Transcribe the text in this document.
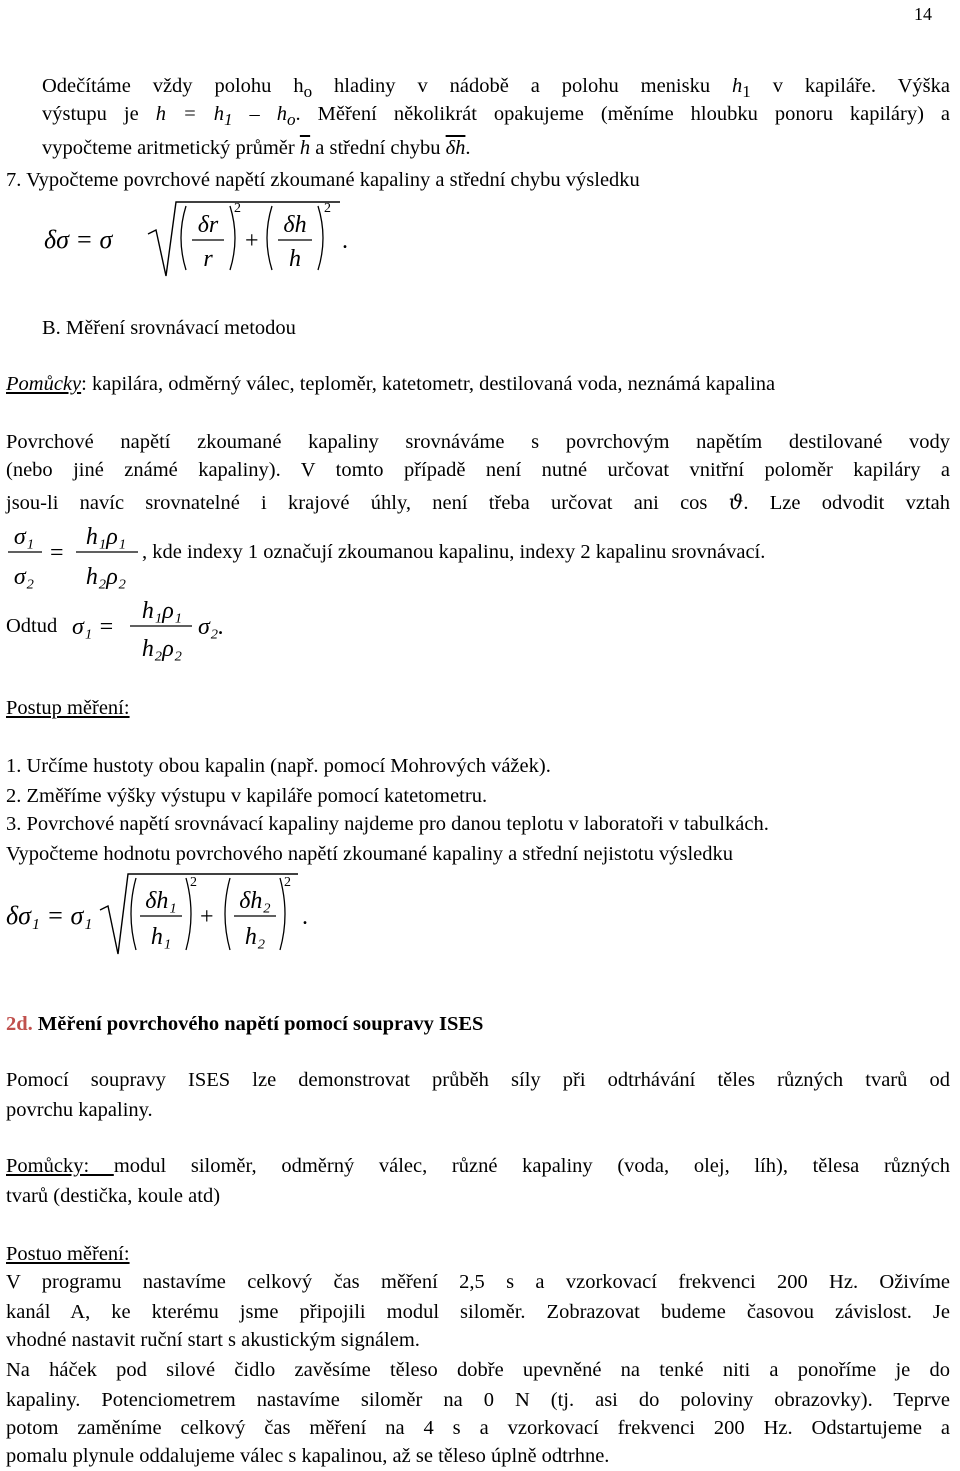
14
Odečítáme vždy polohu $h_o$ hladiny v nádobě a polohu menisku $h_1$ v kapiláře. Výška
výstupu je $h = h_1 - h_o$. Měření několikrát opakujeme (měníme hloubku ponoru kapiláry) a
vypočteme aritmetický průměr $\overline{h}$ a střední chybu $\overline{\delta h}$.
7. Vypočteme povrchové napětí zkoumané kapaliny a střední chybu výsledku
δσ = σ	δr
r
2
+
δh
h
2
.
B. Měření srovnávací metodou
Pomůcky: kapilára, odměrný válec, teploměr, katetometr, destilovaná voda, neznámá kapalina
Povrchové napětí zkoumané kapaliny srovnáváme s povrchovým napětím destilované vody
(nebo jiné známé kapaliny). V tomto případě není nutné určovat vnitřní poloměr kapiláry a
jsou-li navíc srovnatelné i krajové úhly, není třeba určovat ani cos ϑ. Lze odvodit vztah
σ₁
σ₂
=
h₁ρ₁
h₂ρ₂
, kde indexy 1 označují zkoumanou kapalinu, indexy 2 kapalinu srovnávací.
Odtud σ₁ =
h₁ρ₁
h₂ρ₂
σ₂.
Postup měření:
1. Určíme hustoty obou kapalin (např. pomocí Mohrových vážek).
2. Změříme výšky výstupu v kapiláře pomocí katetometru.
3. Povrchové napětí srovnávací kapaliny najdeme pro danou teplotu v laboratoři v tabulkách.
Vypočteme hodnotu povrchového napětí zkoumané kapaliny a střední nejistotu výsledku
δσ₁ = σ₁ δh₁
h₁
2
+
δh₂
h₂
2
.
2d. Měření povrchového napětí pomocí soupravy ISES
Pomocí soupravy ISES lze demonstrovat průběh síly při odtrhávání těles různých tvarů od
povrchu kapaliny.
Pomůcky: modul siloměr, odměrný válec, různé kapaliny (voda, olej, líh), tělesa různých
tvarů (destička, koule atd)
Postuo měření:
V programu nastavíme celkový čas měření 2,5 s a vzorkovací frekvenci 200 Hz. Oživíme
kanál A, ke kterému jsme připojili modul siloměr. Zobrazovat budeme časovou závislost. Je
vhodné nastavit ruční start s akustickým signálem.
Na háček pod silové čidlo zavěsíme těleso dobře upevněné na tenké niti a ponoříme je do
kapaliny. Potenciometrem nastavíme siloměr na 0 N (tj. asi do poloviny obrazovky). Teprve
potom zaměníme celkový čas měření na 4 s a vzorkovací frekvenci 200 Hz. Odstartujeme a
pomalu plynule oddalujeme válec s kapalinou, až se těleso úplně odtrhne.
